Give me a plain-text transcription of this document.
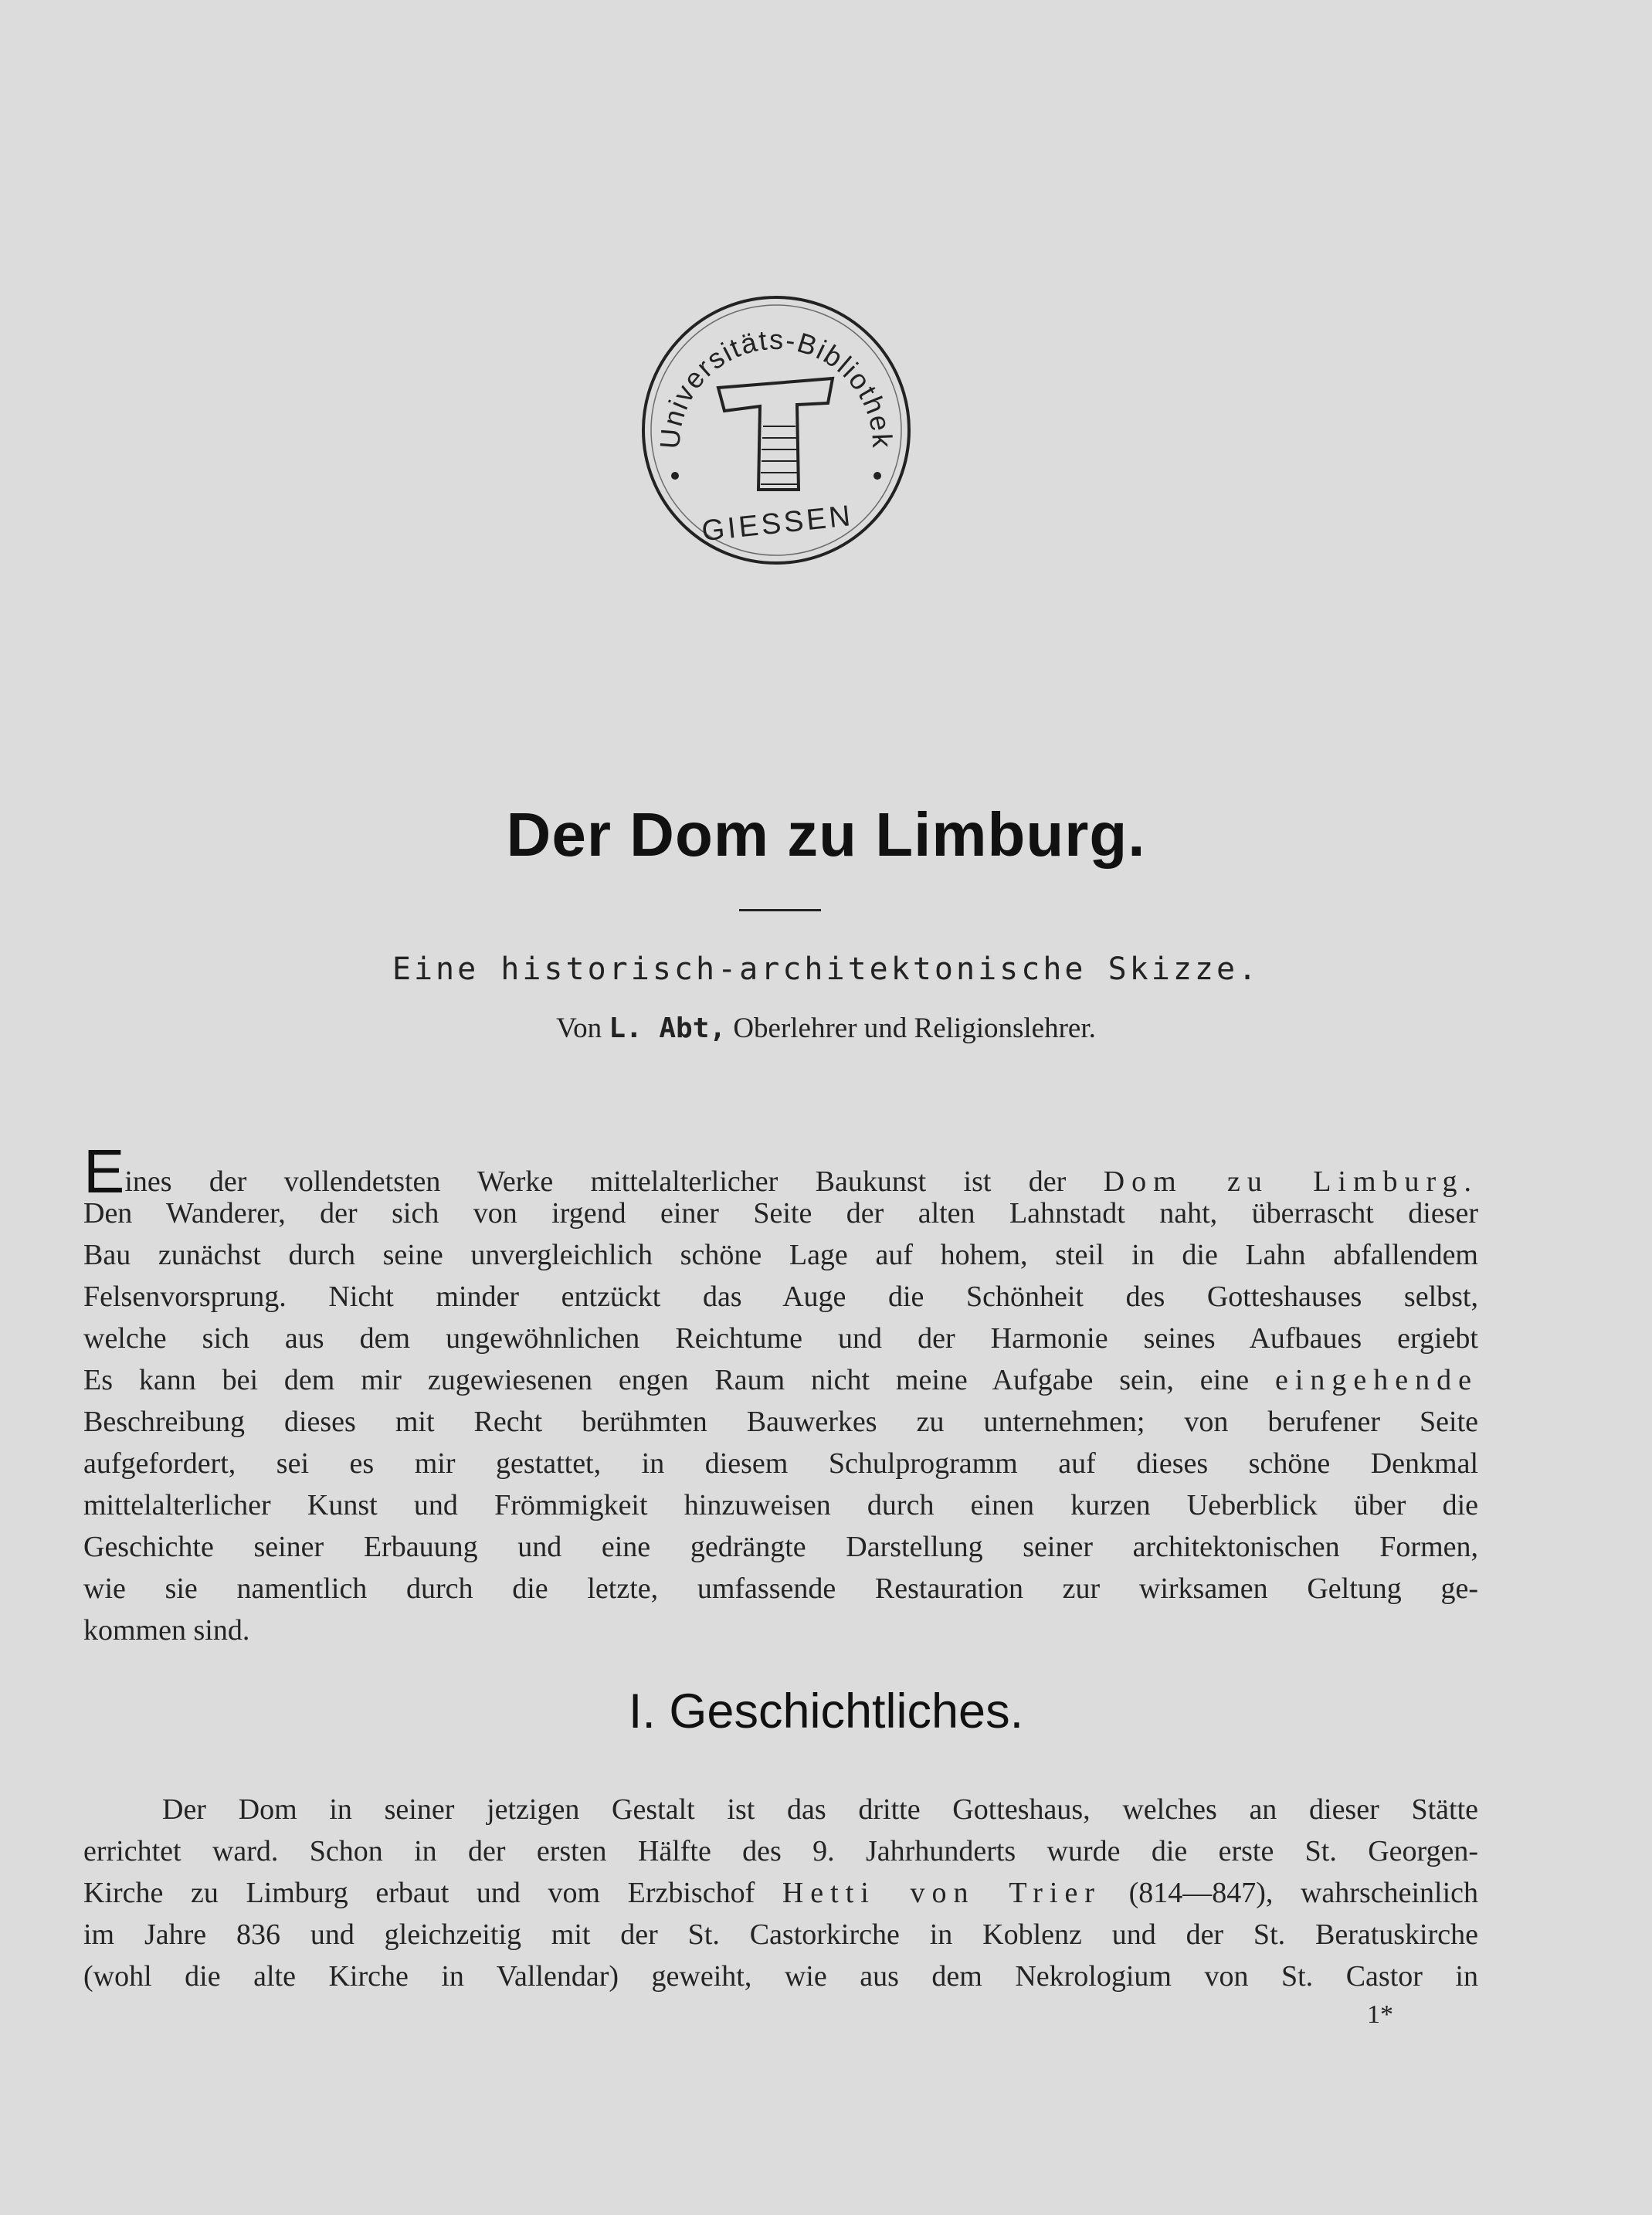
Universitäts-Bibliothek
GIESSEN
Der Dom zu Limburg.

Eine historisch-architektonische Skizze.

Von L. Abt, Oberlehrer und Religionslehrer.

Eines der vollendetsten Werke mittelalterlicher Baukunst ist der Dom zu Limburg.
Den Wanderer, der sich von irgend einer Seite der alten Lahnstadt naht, überrascht dieser
Bau zunächst durch seine unvergleichlich schöne Lage auf hohem, steil in die Lahn abfallendem
Felsenvorsprung. Nicht minder entzückt das Auge die Schönheit des Gotteshauses selbst,
welche sich aus dem ungewöhnlichen Reichtume und der Harmonie seines Aufbaues ergiebt
Es kann bei dem mir zugewiesenen engen Raum nicht meine Aufgabe sein, eine eingehende
Beschreibung dieses mit Recht berühmten Bauwerkes zu unternehmen; von berufener Seite
aufgefordert, sei es mir gestattet, in diesem Schulprogramm auf dieses schöne Denkmal
mittelalterlicher Kunst und Frömmigkeit hinzuweisen durch einen kurzen Ueberblick über die
Geschichte seiner Erbauung und eine gedrängte Darstellung seiner architektonischen Formen,
wie sie namentlich durch die letzte, umfassende Restauration zur wirksamen Geltung ge-
kommen sind.
I. Geschichtliches.
Der Dom in seiner jetzigen Gestalt ist das dritte Gotteshaus, welches an dieser Stätte
errichtet ward. Schon in der ersten Hälfte des 9. Jahrhunderts wurde die erste St. Georgen-
Kirche zu Limburg erbaut und vom Erzbischof Hetti von Trier (814—847), wahrscheinlich
im Jahre 836 und gleichzeitig mit der St. Castorkirche in Koblenz und der St. Beratuskirche
(wohl die alte Kirche in Vallendar) geweiht, wie aus dem Nekrologium von St. Castor in

1*
